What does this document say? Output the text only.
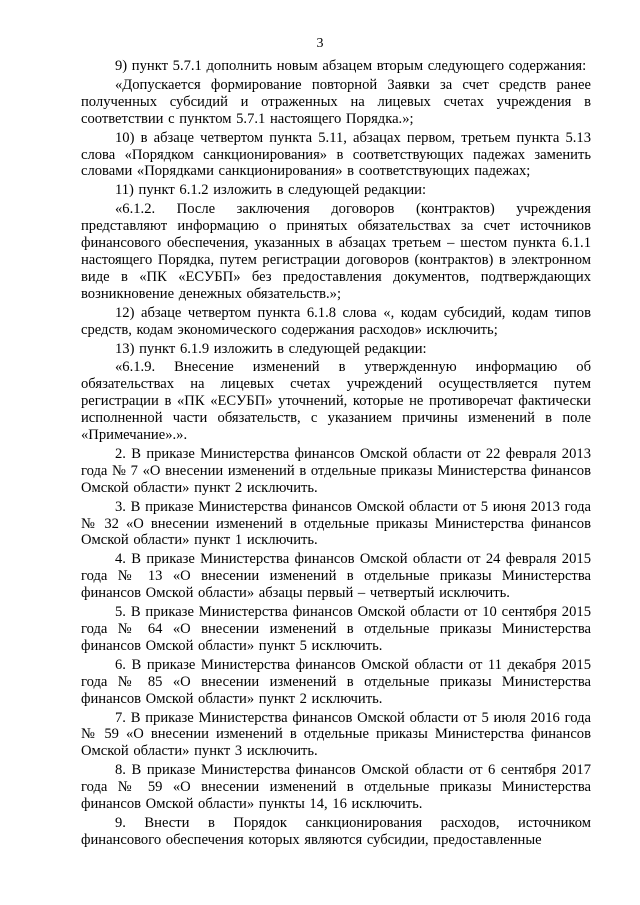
3

9) пункт 5.7.1 дополнить новым абзацем вторым следующего содержания:

«Допускается формирование повторной Заявки за счет средств ранее полученных субсидий и отраженных на лицевых счетах учреждения в соответствии с пунктом 5.7.1 настоящего Порядка.»;

10) в абзаце четвертом пункта 5.11, абзацах первом, третьем пункта 5.13 слова «Порядком санкционирования» в соответствующих падежах заменить словами «Порядками санкционирования» в соответствующих падежах;

11) пункт 6.1.2 изложить в следующей редакции:

«6.1.2. После заключения договоров (контрактов) учреждения представляют информацию о принятых обязательствах за счет источников финансового обеспечения, указанных в абзацах третьем – шестом пункта 6.1.1 настоящего Порядка, путем регистрации договоров (контрактов) в электронном виде в «ПК «ЕСУБП» без предоставления документов, подтверждающих возникновение денежных обязательств.»;

12) абзаце четвертом пункта 6.1.8 слова «, кодам субсидий, кодам типов средств, кодам экономического содержания расходов» исключить;

13) пункт 6.1.9 изложить в следующей редакции:

«6.1.9. Внесение изменений в утвержденную информацию об обязательствах на лицевых счетах учреждений осуществляется путем регистрации в «ПК «ЕСУБП» уточнений, которые не противоречат фактически исполненной части обязательств, с указанием причины изменений в поле «Примечание».».

2. В приказе Министерства финансов Омской области от 22 февраля 2013 года № 7 «О внесении изменений в отдельные приказы Министерства финансов Омской области» пункт 2 исключить.

3. В приказе Министерства финансов Омской области от 5 июня 2013 года № 32 «О внесении изменений в отдельные приказы Министерства финансов Омской области» пункт 1 исключить.

4. В приказе Министерства финансов Омской области от 24 февраля 2015 года № 13 «О внесении изменений в отдельные приказы Министерства финансов Омской области» абзацы первый – четвертый исключить.

5. В приказе Министерства финансов Омской области от 10 сентября 2015 года № 64 «О внесении изменений в отдельные приказы Министерства финансов Омской области» пункт 5 исключить.

6. В приказе Министерства финансов Омской области от 11 декабря 2015 года № 85 «О внесении изменений в отдельные приказы Министерства финансов Омской области» пункт 2 исключить.

7. В приказе Министерства финансов Омской области от 5 июля 2016 года № 59 «О внесении изменений в отдельные приказы Министерства финансов Омской области» пункт 3 исключить.

8. В приказе Министерства финансов Омской области от 6 сентября 2017 года № 59 «О внесении изменений в отдельные приказы Министерства финансов Омской области» пункты 14, 16 исключить.

9. Внести в Порядок санкционирования расходов, источником финансового обеспечения которых являются субсидии, предоставленные
